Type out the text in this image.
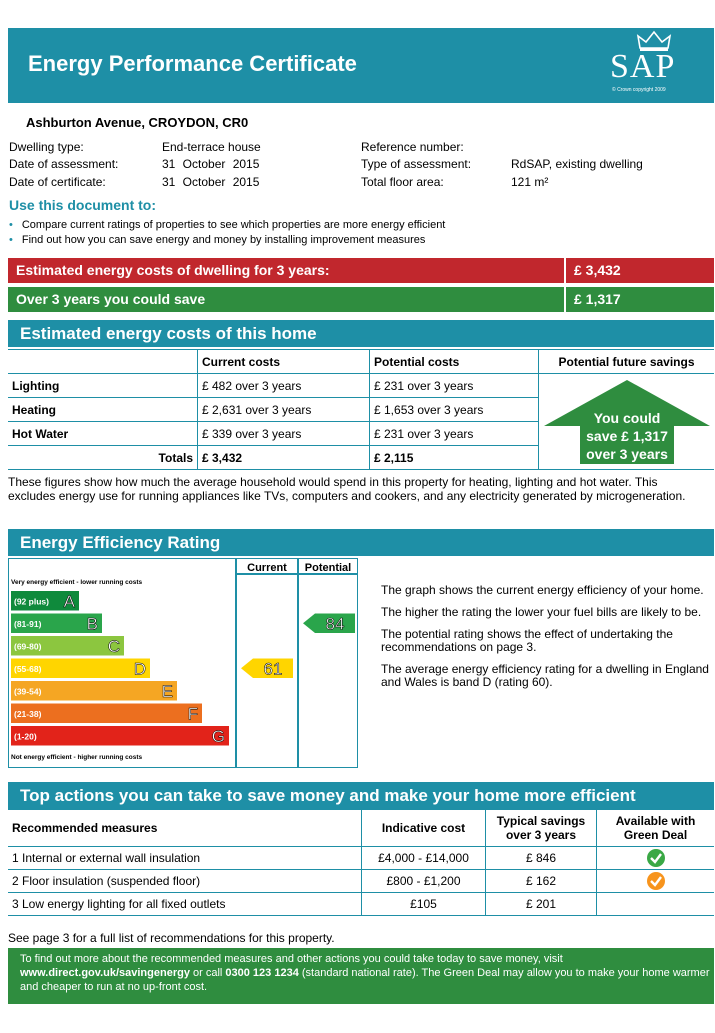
Energy Performance Certificate	SAP
© Crown copyright 2009
Ashburton Avenue, CROYDON, CR0
Dwelling type:	End-terrace house
Date of assessment:	31 October 2015
Date of certificate:	31 October 2015
Reference number:
Type of assessment:	RdSAP, existing dwelling
Total floor area:	121 m²
Use this document to:
• Compare current ratings of properties to see which properties are more energy efficient
• Find out how you can save energy and money by installing improvement measures
Estimated energy costs of dwelling for 3 years:	£ 3,432
Over 3 years you could save	£ 1,317
Estimated energy costs of this home
	Current costs	Potential costs	Potential future savings
Lighting	£ 482 over 3 years	£ 231 over 3 years	
Heating	£ 2,631 over 3 years	£ 1,653 over 3 years	
Hot Water	£ 339 over 3 years	£ 231 over 3 years	
Totals	£ 3,432	£ 2,115	
You could
save £ 1,317
over 3 years
These figures show how much the average household would spend in this property for heating, lighting and hot water. This excludes energy use for running appliances like TVs, computers and cookers, and any electricity generated by microgeneration.
Energy Efficiency Rating
Current Potential
Very energy efficient - lower running costs
Not energy efficient - higher running costs
(92 plus) A
(81-91)	B
(69-80)	C
(55-68)	D
(39-54)	E
(21-38)	F
(1-20)	G
61
84

The graph shows the current energy efficiency of your home.

The higher the rating the lower your fuel bills are likely to be.

The potential rating shows the effect of undertaking the recommendations on page 3.

The average energy efficiency rating for a dwelling in England and Wales is band D (rating 60).

Top actions you can take to save money and make your home more efficient
Recommended measures	Indicative cost	Typical savings over 3 years	Available with Green Deal
1 Internal or external wall insulation	£4,000 - £14,000	£ 846	
2 Floor insulation (suspended floor)	£800 - £1,200	£ 162	
3 Low energy lighting for all fixed outlets	£105	£ 201	
See page 3 for a full list of recommendations for this property.
To find out more about the recommended measures and other actions you could take today to save money, visit www.direct.gov.uk/savingenergy or call 0300 123 1234 (standard national rate). The Green Deal may allow you to make your home warmer and cheaper to run at no up-front cost.
